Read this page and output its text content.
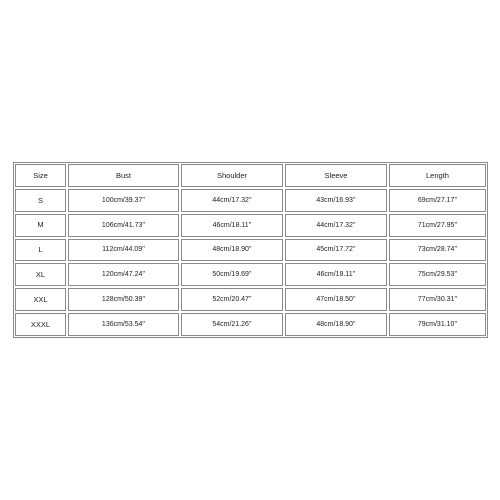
Size	Bust	Shoulder	Sleeve	Length
S	100cm/39.37''	44cm/17.32''	43cm/16.93''	69cm/27.17''
M	106cm/41.73''	46cm/18.11''	44cm/17.32''	71cm/27.95''
L	112cm/44.09''	48cm/18.90''	45cm/17.72''	73cm/28.74''
XL	120cm/47.24''	50cm/19.69''	46cm/18.11''	75cm/29.53''
XXL	128cm/50.39''	52cm/20.47''	47cm/18.50''	77cm/30.31''
XXXL	136cm/53.54''	54cm/21.26''	48cm/18.90''	79cm/31.10''
